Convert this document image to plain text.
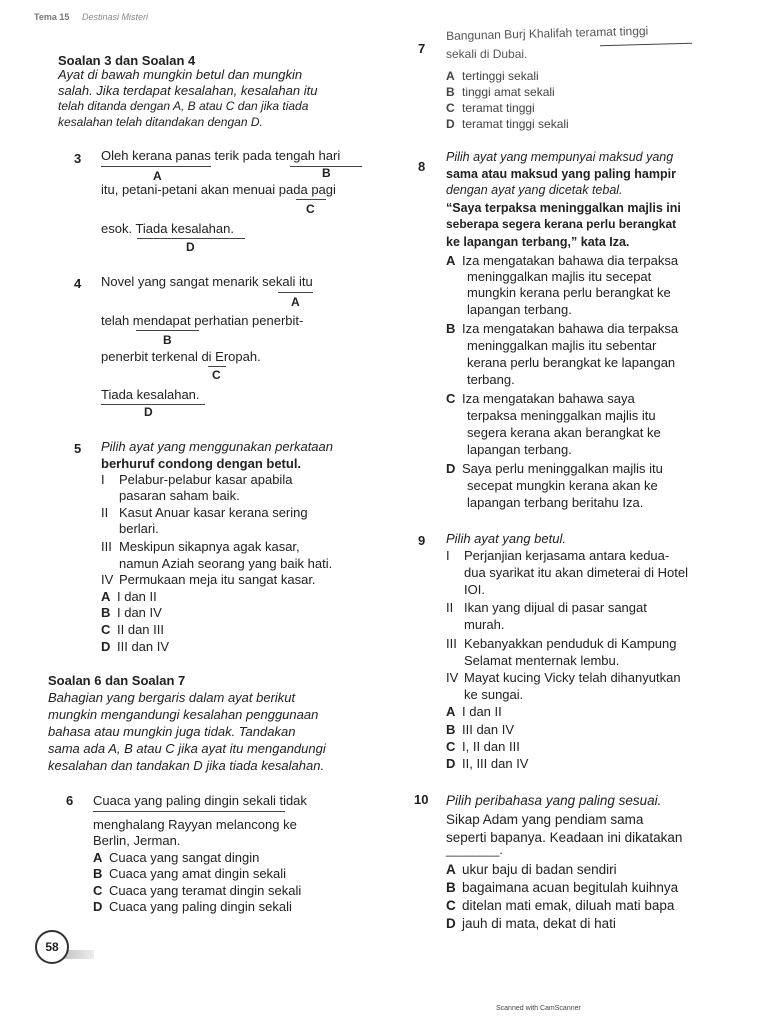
Tema 15 Destinasi Misteri
Soalan 3 dan Soalan 4
Ayat di bawah mungkin betul dan mungkin
salah. Jika terdapat kesalahan, kesalahan itu
telah ditanda dengan A, B atau C dan jika tiada
kesalahan telah ditandakan dengan D.
3 Oleh kerana panas terik pada tengah hari
A	B
itu, petani-petani akan menuai pada pagi
C
esok. Tiada kesalahan.
D
4 Novel yang sangat menarik sekali itu
A
telah mendapat perhatian penerbit-
B
penerbit terkenal di Eropah.
C
Tiada kesalahan.
D
5 Pilih ayat yang menggunakan perkataan
berhuruf condong dengan betul.
I Pelabur-pelabur kasar apabila
pasaran saham baik.
II Kasut Anuar kasar kerana sering
berlari.
III Meskipun sikapnya agak kasar,
namun Aziah seorang yang baik hati.
IV Permukaan meja itu sangat kasar.
A I dan II
B I dan IV
C II dan III
D III dan IV
Soalan 6 dan Soalan 7
Bahagian yang bergaris dalam ayat berikut
mungkin mengandungi kesalahan penggunaan
bahasa atau mungkin juga tidak. Tandakan
sama ada A, B atau C jika ayat itu mengandungi
kesalahan dan tandakan D jika tiada kesalahan.
6 Cuaca yang paling dingin sekali tidak
menghalang Rayyan melancong ke
Berlin, Jerman.
A Cuaca yang sangat dingin
B Cuaca yang amat dingin sekali
C Cuaca yang teramat dingin sekali
D Cuaca yang paling dingin sekali
58
7
Bangunan Burj Khalifah teramat tinggi
sekali di Dubai.
A tertinggi sekali
B tinggi amat sekali
C teramat tinggi
D teramat tinggi sekali
8
Pilih ayat yang mempunyai maksud yang
sama atau maksud yang paling hampir
dengan ayat yang dicetak tebal.
“Saya terpaksa meninggalkan majlis ini
seberapa segera kerana perlu berangkat
ke lapangan terbang,” kata Iza.
A Iza mengatakan bahawa dia terpaksa
meninggalkan majlis itu secepat
mungkin kerana perlu berangkat ke
lapangan terbang.
B Iza mengatakan bahawa dia terpaksa
meninggalkan majlis itu sebentar
kerana perlu berangkat ke lapangan
terbang.
C Iza mengatakan bahawa saya
terpaksa meninggalkan majlis itu
segera kerana akan berangkat ke
lapangan terbang.
D Saya perlu meninggalkan majlis itu
secepat mungkin kerana akan ke
lapangan terbang beritahu Iza.
9 Pilih ayat yang betul.
I Perjanjian kerjasama antara kedua-
dua syarikat itu akan dimeterai di Hotel
IOI.
II Ikan yang dijual di pasar sangat
murah.
III Kebanyakkan penduduk di Kampung
Selamat menternak lembu.
IV Mayat kucing Vicky telah dihanyutkan
ke sungai.
A I dan II
B III dan IV
C I, II dan III
D II, III dan IV
10 Pilih peribahasa yang paling sesuai.
Sikap Adam yang pendiam sama
seperti bapanya. Keadaan ini dikatakan
________.
A ukur baju di badan sendiri
B bagaimana acuan begitulah kuihnya
C ditelan mati emak, diluah mati bapa
D jauh di mata, dekat di hati
Scanned with CamScanner
